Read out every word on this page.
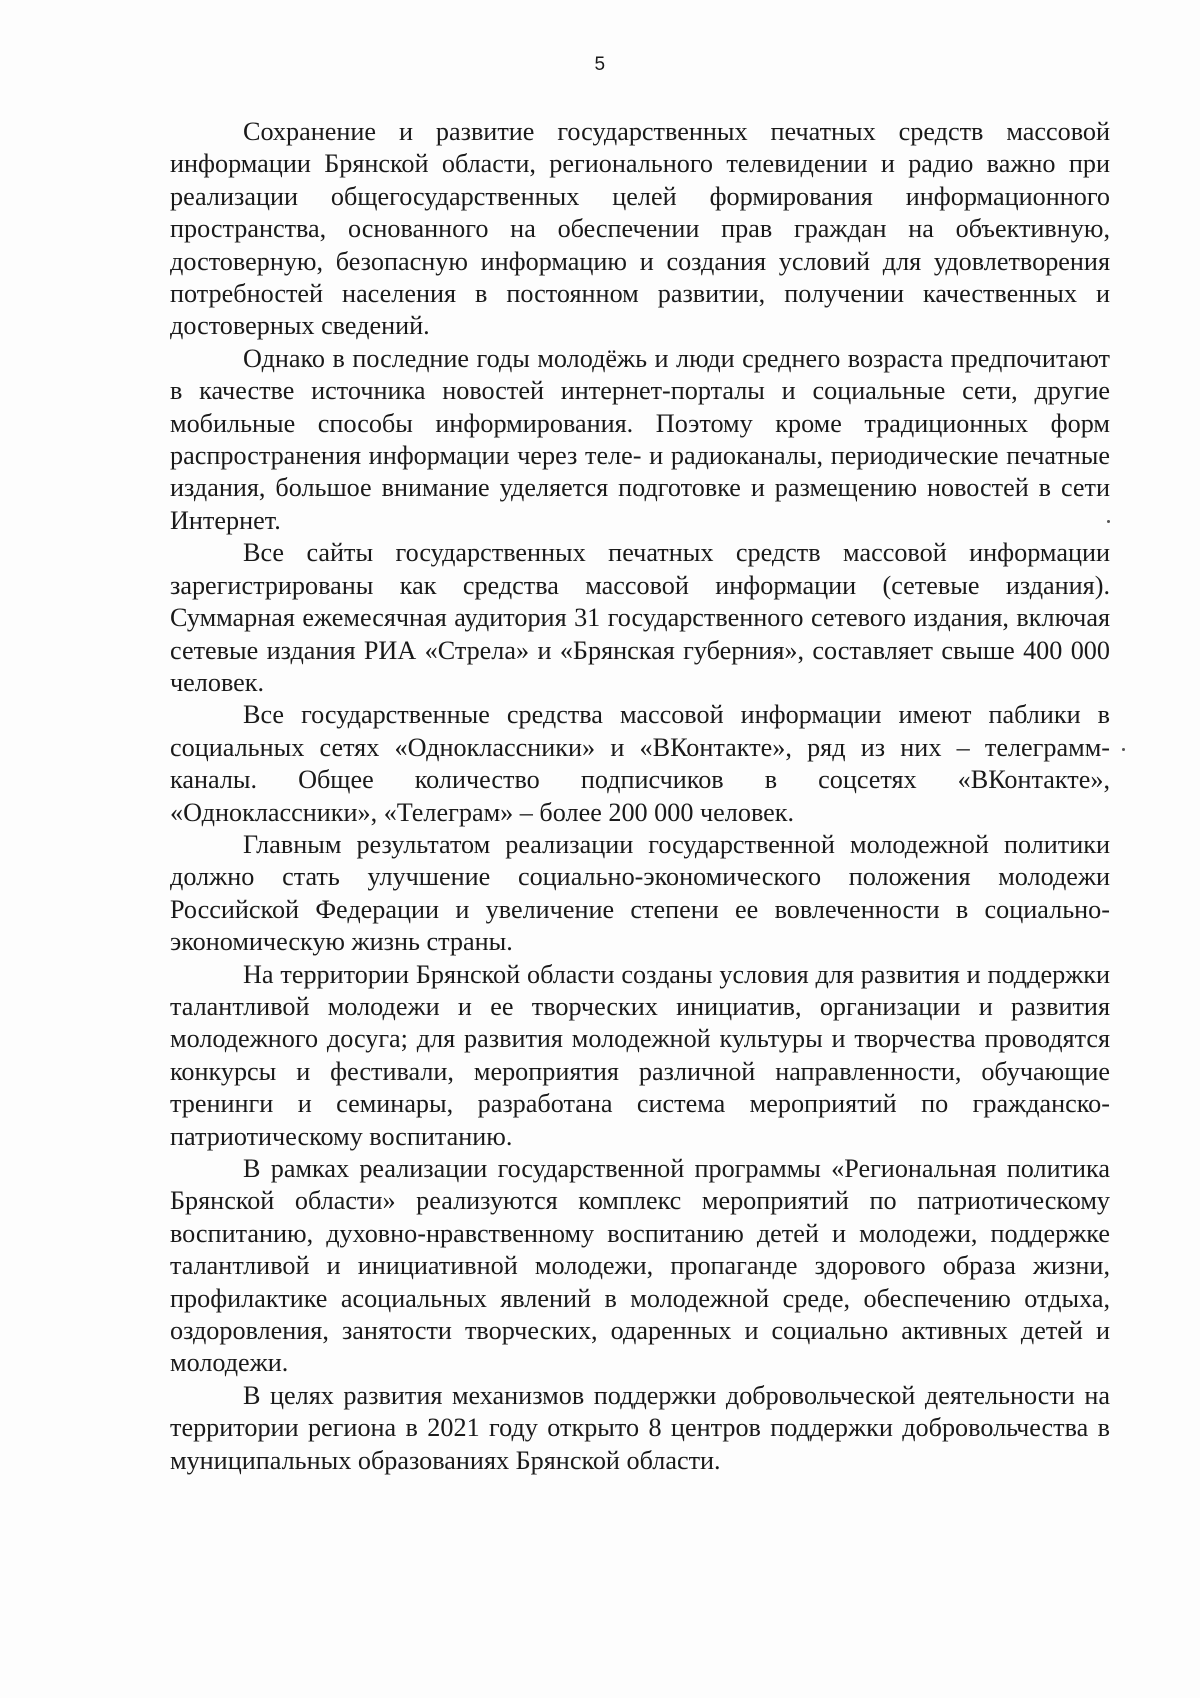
5

Сохранение и развитие государственных печатных средств массовой информации Брянской области, регионального телевидении и радио важно при реализации общегосударственных целей формирования информационного пространства, основанного на обеспечении прав граждан на объективную, достоверную, безопасную информацию и создания условий для удовлетворения потребностей населения в постоянном развитии, получении качественных и достоверных сведений.

Однако в последние годы молодёжь и люди среднего возраста предпочитают в качестве источника новостей интернет-порталы и социальные сети, другие мобильные способы информирования. Поэтому кроме традиционных форм распространения информации через теле- и радиоканалы, периодические печатные издания, большое внимание уделяется подготовке и размещению новостей в сети Интернет.

Все сайты государственных печатных средств массовой информации зарегистрированы как средства массовой информации (сетевые издания). Суммарная ежемесячная аудитория 31 государственного сетевого издания, включая сетевые издания РИА «Стрела» и «Брянская губерния», составляет свыше 400 000 человек.

Все государственные средства массовой информации имеют паблики в социальных сетях «Одноклассники» и «ВКонтакте», ряд из них – телеграмм-каналы. Общее количество подписчиков в соцсетях «ВКонтакте», «Одноклассники», «Телеграм» – более 200 000 человек.

Главным результатом реализации государственной молодежной политики должно стать улучшение социально-экономического положения молодежи Российской Федерации и увеличение степени ее вовлеченности в социально-экономическую жизнь страны.

На территории Брянской области созданы условия для развития и поддержки талантливой молодежи и ее творческих инициатив, организации и развития молодежного досуга; для развития молодежной культуры и творчества проводятся конкурсы и фестивали, мероприятия различной направленности, обучающие тренинги и семинары, разработана система мероприятий по гражданско-патриотическому воспитанию.

В рамках реализации государственной программы «Региональная политика Брянской области» реализуются комплекс мероприятий по патриотическому воспитанию, духовно-нравственному воспитанию детей и молодежи, поддержке талантливой и инициативной молодежи, пропаганде здорового образа жизни, профилактике асоциальных явлений в молодежной среде, обеспечению отдыха, оздоровления, занятости творческих, одаренных и социально активных детей и молодежи.

В целях развития механизмов поддержки добровольческой деятельности на территории региона в 2021 году открыто 8 центров поддержки добровольчества в муниципальных образованиях Брянской области.
